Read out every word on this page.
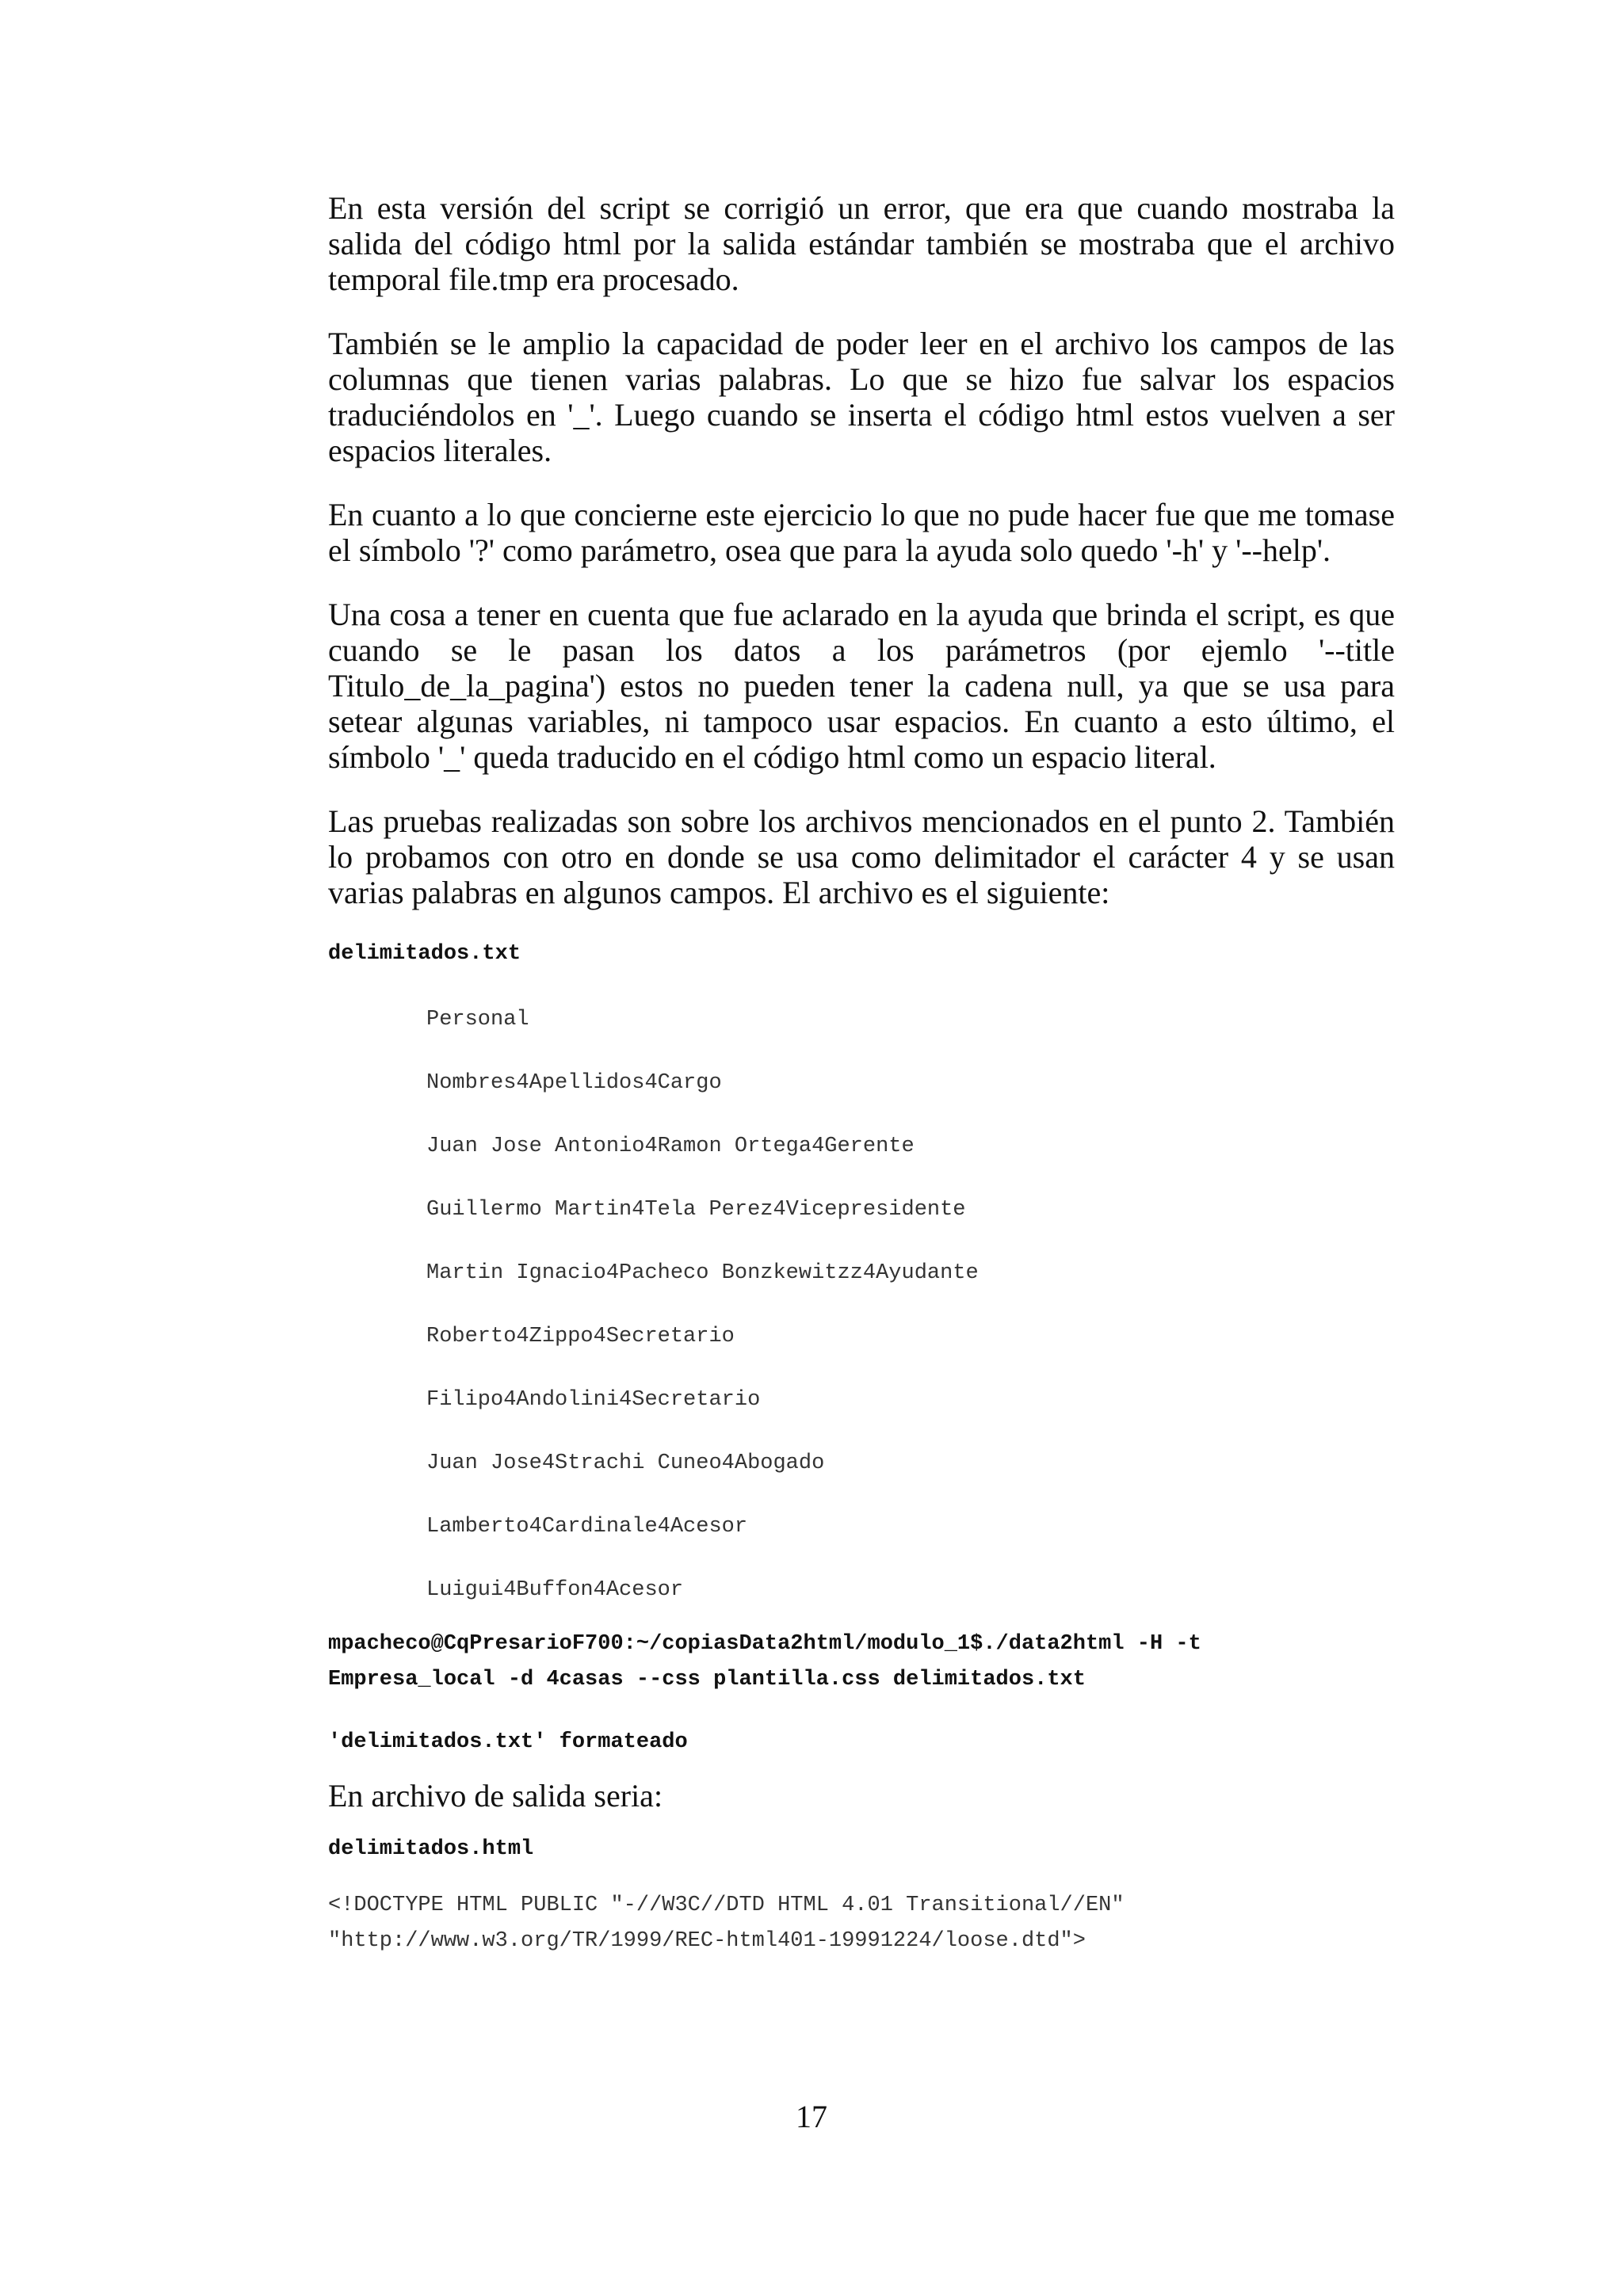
En esta versión del script se corrigió un error, que era que cuando mostraba la salida del código html por la salida estándar también se mostraba que el archivo temporal file.tmp era procesado.

También se le amplio la capacidad de poder leer en el archivo los campos de las columnas que tienen varias palabras. Lo que se hizo fue salvar los espacios traduciéndolos en '_'. Luego cuando se inserta el código html estos vuelven a ser espacios literales.

En cuanto a lo que concierne este ejercicio lo que no pude hacer fue que me tomase el símbolo '?' como parámetro, osea que para la ayuda solo quedo '-h' y '--help'.

Una cosa a tener en cuenta que fue aclarado en la ayuda que brinda el script, es que cuando se le pasan los datos a los parámetros (por ejemlo '--title Titulo_de_la_pagina') estos no pueden tener la cadena null, ya que se usa para setear algunas variables, ni tampoco usar espacios. En cuanto a esto último, el símbolo '_' queda traducido en el código html como un espacio literal.

Las pruebas realizadas son sobre los archivos mencionados en el punto 2. También lo probamos con otro en donde se usa como delimitador el carácter 4 y se usan varias palabras en algunos campos. El archivo es el siguiente:

delimitados.txt

Personal
Nombres4Apellidos4Cargo
Juan Jose Antonio4Ramon Ortega4Gerente
Guillermo Martin4Tela Perez4Vicepresidente
Martin Ignacio4Pacheco Bonzkewitzz4Ayudante
Roberto4Zippo4Secretario
Filipo4Andolini4Secretario
Juan Jose4Strachi Cuneo4Abogado
Lamberto4Cardinale4Acesor
Luigui4Buffon4Acesor

mpacheco@CqPresarioF700:~/copiasData2html/modulo_1$./data2html -H -t

Empresa_local -d 4casas --css plantilla.css delimitados.txt

'delimitados.txt' formateado

En archivo de salida seria:

delimitados.html

<!DOCTYPE HTML PUBLIC "-//W3C//DTD HTML 4.01 Transitional//EN"

"http://www.w3.org/TR/1999/REC-html401-19991224/loose.dtd">

17
